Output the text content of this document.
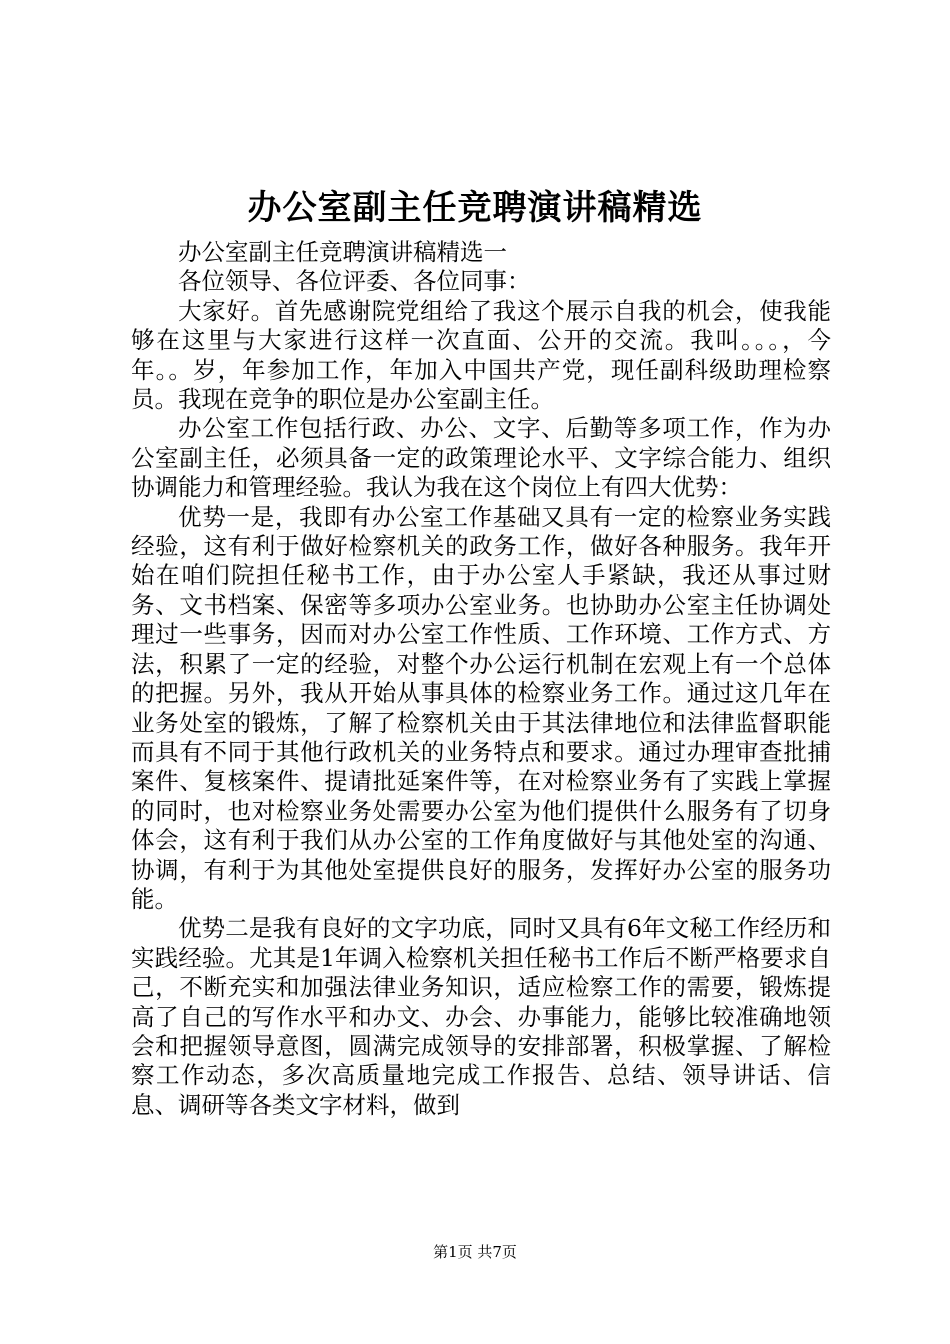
办公室副主任竞聘演讲稿精选

办公室副主任竞聘演讲稿精选一

各位领导、各位评委、各位同事：

大家好。首先感谢院党组给了我这个展示自我的机会，使我能够在这里与大家进行这样一次直面、公开的交流。我叫。。。，今年。。岁，年参加工作，年加入中国共产党，现任副科级助理检察员。我现在竞争的职位是办公室副主任。

办公室工作包括行政、办公、文字、后勤等多项工作，作为办公室副主任，必须具备一定的政策理论水平、文字综合能力、组织协调能力和管理经验。我认为我在这个岗位上有四大优势：

优势一是，我即有办公室工作基础又具有一定的检察业务实践经验，这有利于做好检察机关的政务工作，做好各种服务。我年开始在咱们院担任秘书工作，由于办公室人手紧缺，我还从事过财务、文书档案、保密等多项办公室业务。也协助办公室主任协调处理过一些事务，因而对办公室工作性质、工作环境、工作方式、方法，积累了一定的经验，对整个办公运行机制在宏观上有一个总体的把握。另外，我从开始从事具体的检察业务工作。通过这几年在业务处室的锻炼，了解了检察机关由于其法律地位和法律监督职能而具有不同于其他行政机关的业务特点和要求。通过办理审查批捕案件、复核案件、提请批延案件等，在对检察业务有了实践上掌握的同时，也对检察业务处需要办公室为他们提供什么服务有了切身体会，这有利于我们从办公室的工作角度做好与其他处室的沟通、协调，有利于为其他处室提供良好的服务，发挥好办公室的服务功能。

优势二是我有良好的文字功底，同时又具有6年文秘工作经历和实践经验。尤其是1年调入检察机关担任秘书工作后不断严格要求自己，不断充实和加强法律业务知识，适应检察工作的需要，锻炼提高了自己的写作水平和办文、办会、办事能力，能够比较准确地领会和把握领导意图，圆满完成领导的安排部署，积极掌握、了解检察工作动态，多次高质量地完成工作报告、总结、领导讲话、信息、调研等各类文字材料，做到

第1页 共7页
